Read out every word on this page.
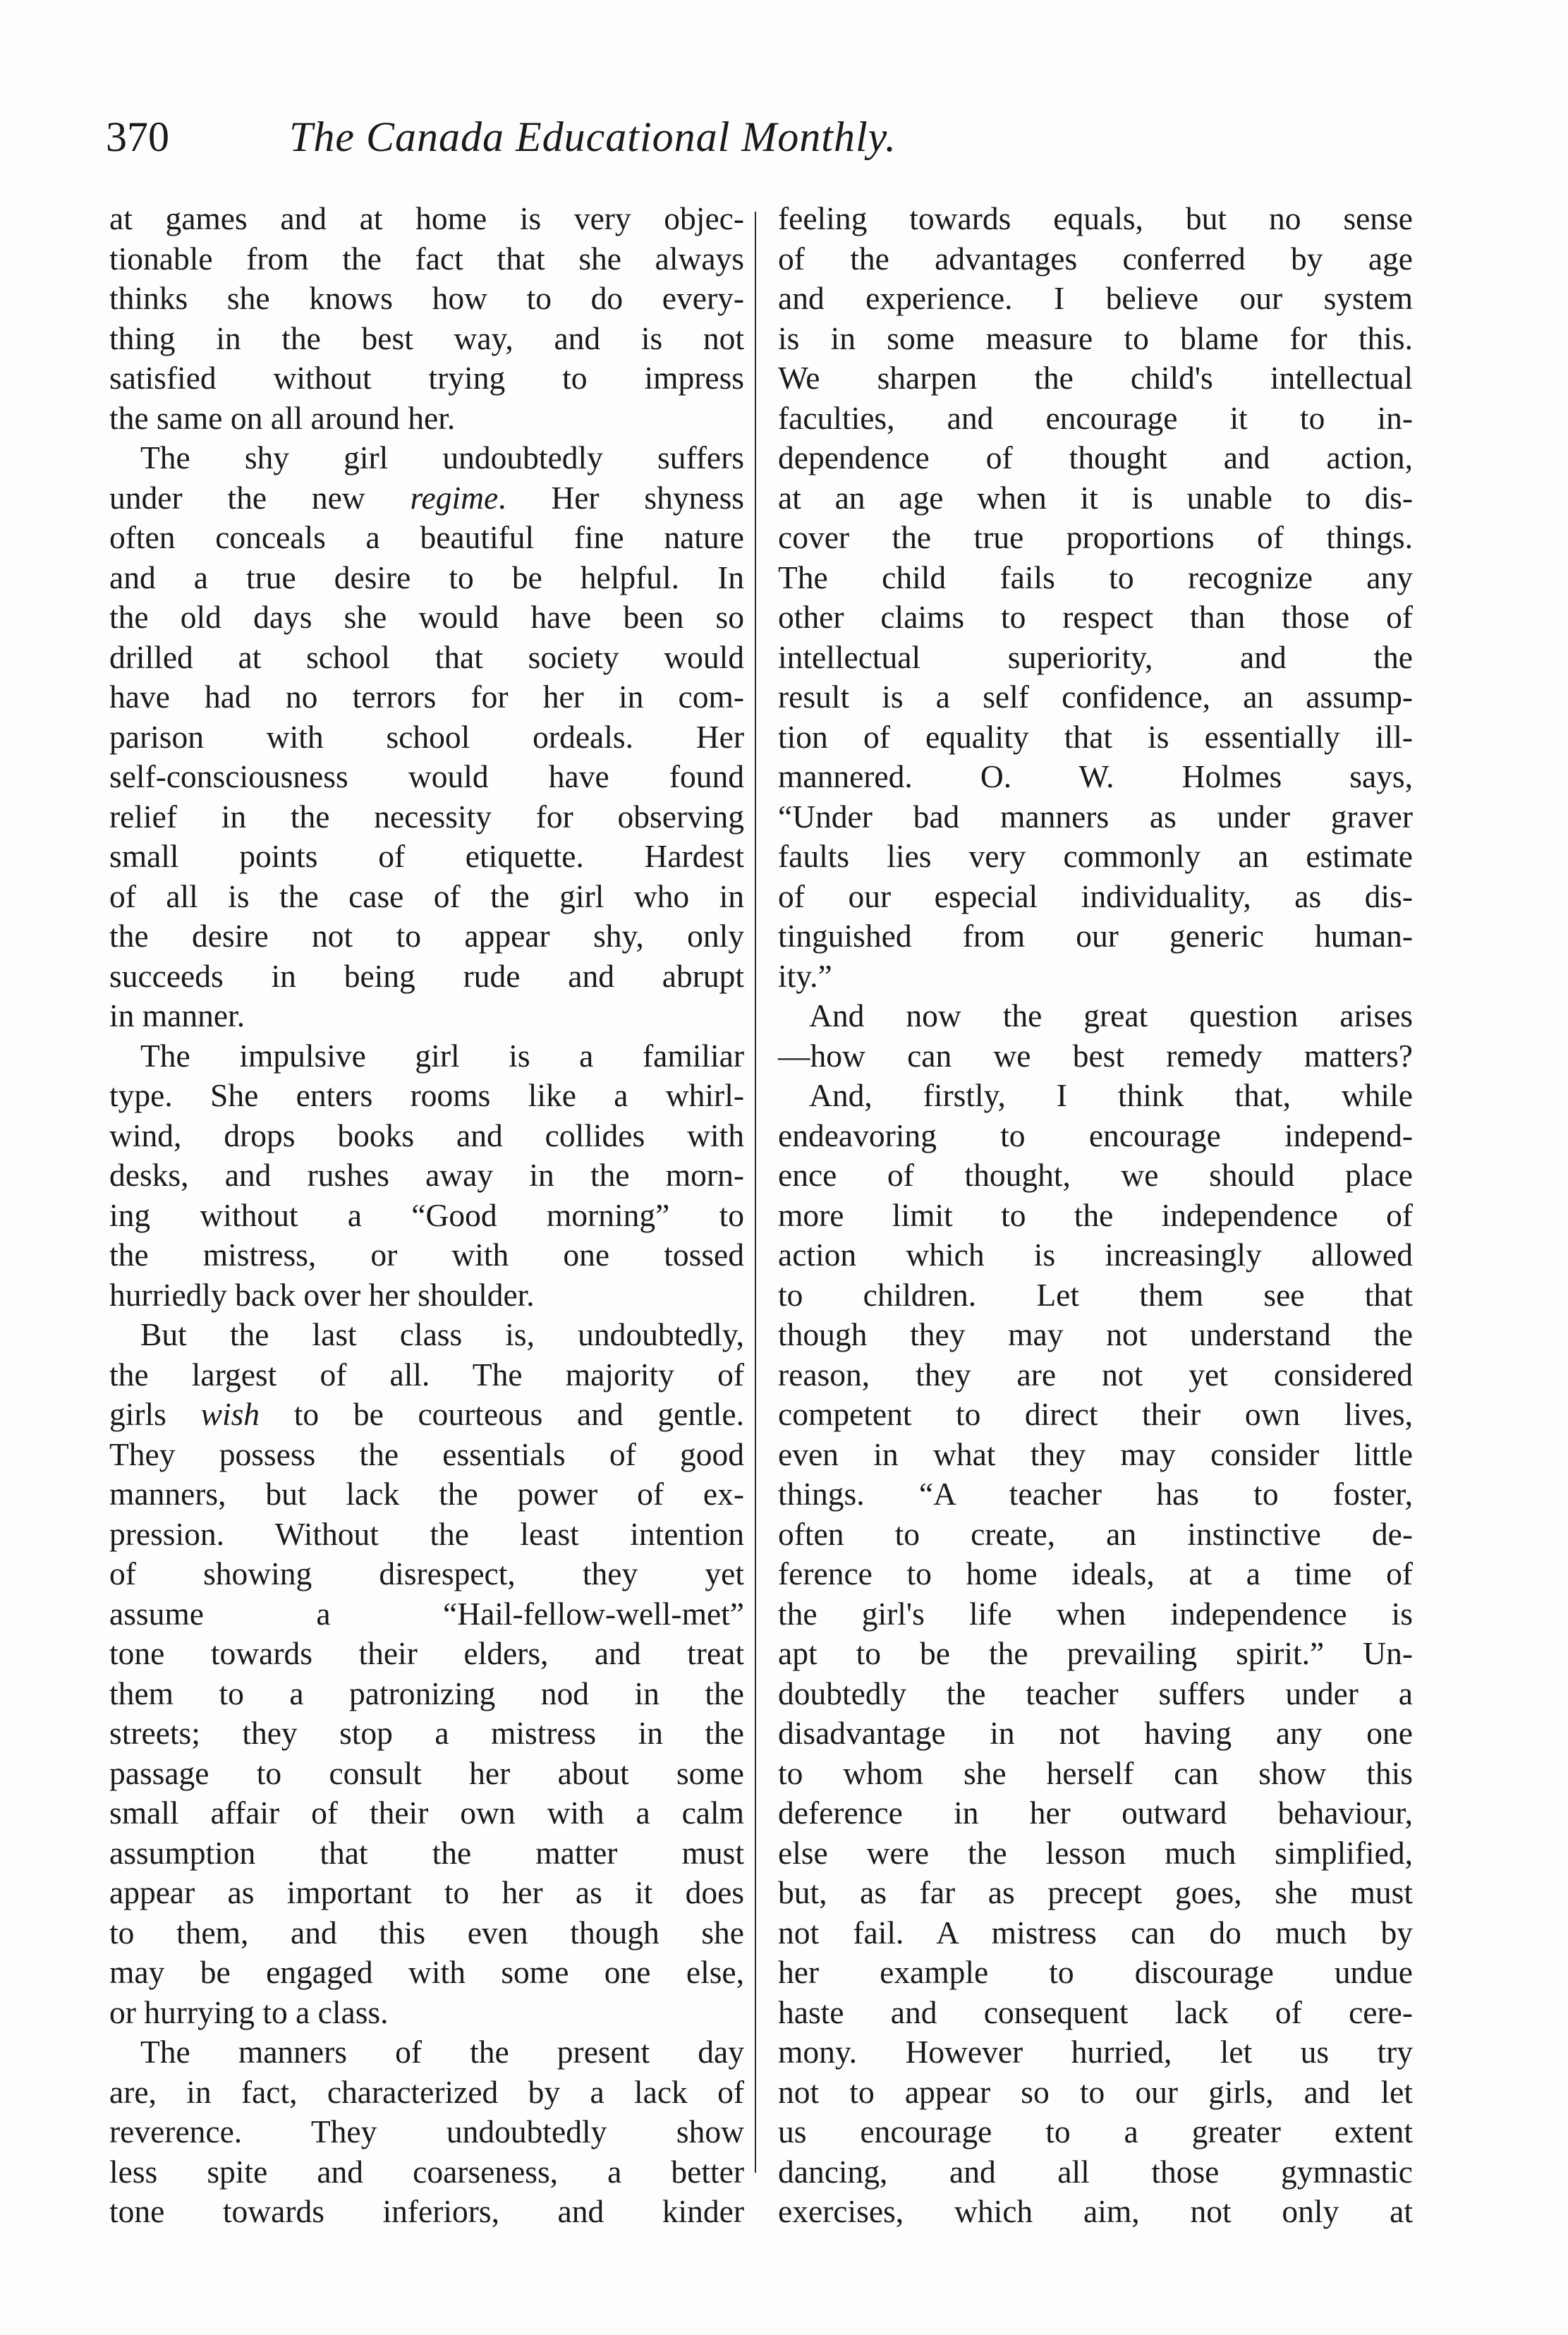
370	The Canada Educational Monthly.
at games and at home is very objec-
tionable from the fact that she always
thinks she knows how to do every-
thing in the best way, and is not
satisfied without trying to impress
the same on all around her.
The shy girl undoubtedly suffers
under the new regime. Her shyness
often conceals a beautiful fine nature
and a true desire to be helpful. In
the old days she would have been so
drilled at school that society would
have had no terrors for her in com-
parison with school ordeals. Her
self-consciousness would have found
relief in the necessity for observing
small points of etiquette. Hardest
of all is the case of the girl who in
the desire not to appear shy, only
succeeds in being rude and abrupt
in manner.
The impulsive girl is a familiar
type. She enters rooms like a whirl-
wind, drops books and collides with
desks, and rushes away in the morn-
ing without a “Good morning” to
the mistress, or with one tossed
hurriedly back over her shoulder.
But the last class is, undoubtedly,
the largest of all. The majority of
girls wish to be courteous and gentle.
They possess the essentials of good
manners, but lack the power of ex-
pression. Without the least intention
of showing disrespect, they yet
assume a “Hail-fellow-well-met”
tone towards their elders, and treat
them to a patronizing nod in the
streets; they stop a mistress in the
passage to consult her about some
small affair of their own with a calm
assumption that the matter must
appear as important to her as it does
to them, and this even though she
may be engaged with some one else,
or hurrying to a class.
The manners of the present day
are, in fact, characterized by a lack of
reverence. They undoubtedly show
less spite and coarseness, a better
tone towards inferiors, and kinder
feeling towards equals, but no sense
of the advantages conferred by age
and experience. I believe our system
is in some measure to blame for this.
We sharpen the child's intellectual
faculties, and encourage it to in-
dependence of thought and action,
at an age when it is unable to dis-
cover the true proportions of things.
The child fails to recognize any
other claims to respect than those of
intellectual superiority, and the
result is a self confidence, an assump-
tion of equality that is essentially ill-
mannered. O. W. Holmes says,
“Under bad manners as under graver
faults lies very commonly an estimate
of our especial individuality, as dis-
tinguished from our generic human-
ity.”
And now the great question arises
—how can we best remedy matters?
And, firstly, I think that, while
endeavoring to encourage independ-
ence of thought, we should place
more limit to the independence of
action which is increasingly allowed
to children. Let them see that
though they may not understand the
reason, they are not yet considered
competent to direct their own lives,
even in what they may consider little
things. “A teacher has to foster,
often to create, an instinctive de-
ference to home ideals, at a time of
the girl's life when independence is
apt to be the prevailing spirit.” Un-
doubtedly the teacher suffers under a
disadvantage in not having any one
to whom she herself can show this
deference in her outward behaviour,
else were the lesson much simplified,
but, as far as precept goes, she must
not fail. A mistress can do much by
her example to discourage undue
haste and consequent lack of cere-
mony. However hurried, let us try
not to appear so to our girls, and let
us encourage to a greater extent
dancing, and all those gymnastic
exercises, which aim, not only at
